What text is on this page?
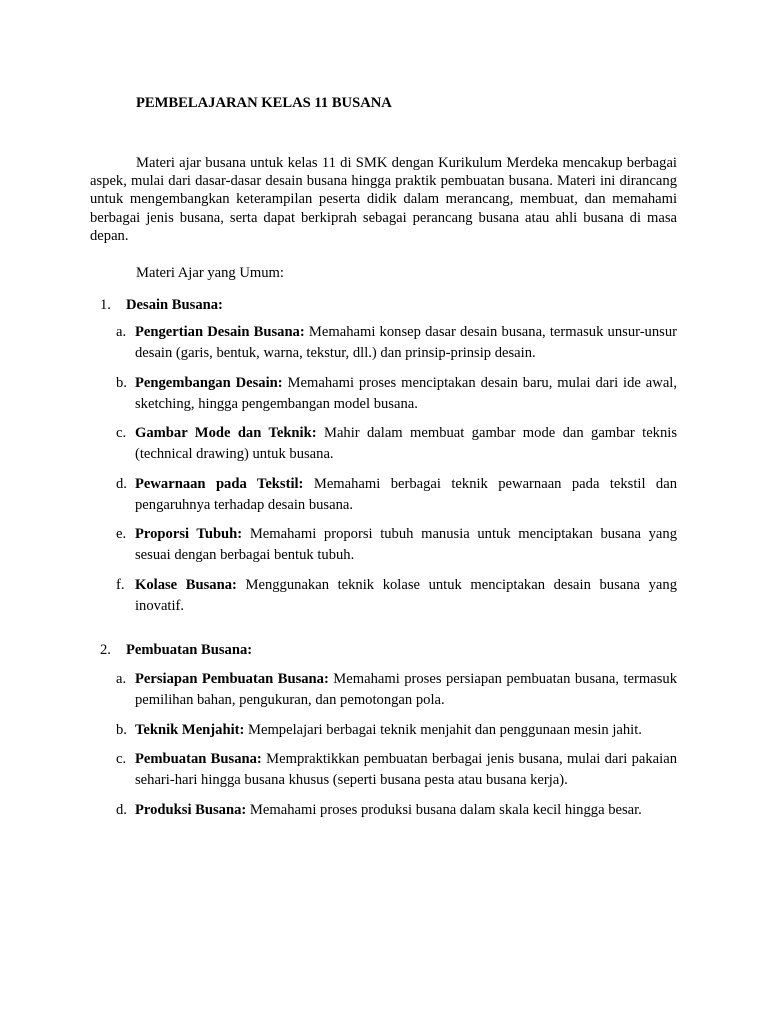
PEMBELAJARAN KELAS 11 BUSANA

Materi ajar busana untuk kelas 11 di SMK dengan Kurikulum Merdeka mencakup berbagai aspek, mulai dari dasar-dasar desain busana hingga praktik pembuatan busana. Materi ini dirancang untuk mengembangkan keterampilan peserta didik dalam merancang, membuat, dan memahami berbagai jenis busana, serta dapat berkiprah sebagai perancang busana atau ahli busana di masa depan.

Materi Ajar yang Umum:
1. Desain Busana:
a. Pengertian Desain Busana: Memahami konsep dasar desain busana, termasuk unsur-unsur desain (garis, bentuk, warna, tekstur, dll.) dan prinsip-prinsip desain.
b. Pengembangan Desain: Memahami proses menciptakan desain baru, mulai dari ide awal, sketching, hingga pengembangan model busana.
c. Gambar Mode dan Teknik: Mahir dalam membuat gambar mode dan gambar teknis (technical drawing) untuk busana.
d. Pewarnaan pada Tekstil: Memahami berbagai teknik pewarnaan pada tekstil dan pengaruhnya terhadap desain busana.
e. Proporsi Tubuh: Memahami proporsi tubuh manusia untuk menciptakan busana yang sesuai dengan berbagai bentuk tubuh.
f. Kolase Busana: Menggunakan teknik kolase untuk menciptakan desain busana yang inovatif.
2. Pembuatan Busana:
a. Persiapan Pembuatan Busana: Memahami proses persiapan pembuatan busana, termasuk pemilihan bahan, pengukuran, dan pemotongan pola.
b. Teknik Menjahit: Mempelajari berbagai teknik menjahit dan penggunaan mesin jahit.
c. Pembuatan Busana: Mempraktikkan pembuatan berbagai jenis busana, mulai dari pakaian sehari-hari hingga busana khusus (seperti busana pesta atau busana kerja).
d. Produksi Busana: Memahami proses produksi busana dalam skala kecil hingga besar.
